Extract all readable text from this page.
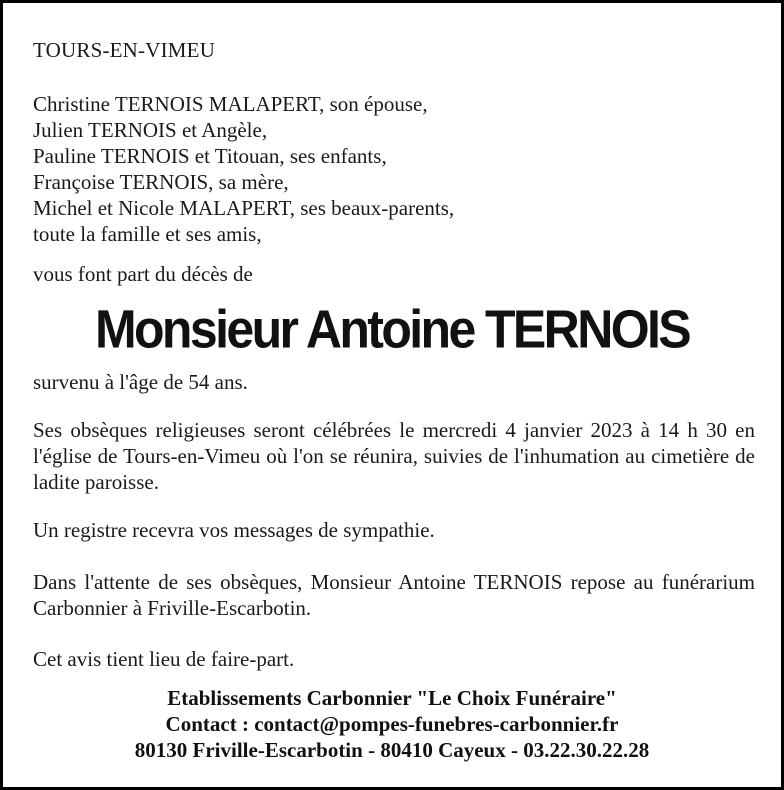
TOURS-EN-VIMEU
Christine TERNOIS MALAPERT, son épouse,
Julien TERNOIS et Angèle,
Pauline TERNOIS et Titouan, ses enfants,
Françoise TERNOIS, sa mère,
Michel et Nicole MALAPERT, ses beaux-parents,
toute la famille et ses amis,
vous font part du décès de
Monsieur Antoine TERNOIS
survenu à l'âge de 54 ans.

Ses obsèques religieuses seront célébrées le mercredi 4 janvier 2023 à 14 h 30 en l'église de Tours-en-Vimeu où l'on se réunira, suivies de l'inhumation au cimetière de ladite paroisse.

Un registre recevra vos messages de sympathie.

Dans l'attente de ses obsèques, Monsieur Antoine TERNOIS repose au funérarium Carbonnier à Friville-Escarbotin.

Cet avis tient lieu de faire-part.

Etablissements Carbonnier "Le Choix Funéraire"
Contact : contact@pompes-funebres-carbonnier.fr
80130 Friville-Escarbotin - 80410 Cayeux - 03.22.30.22.28
